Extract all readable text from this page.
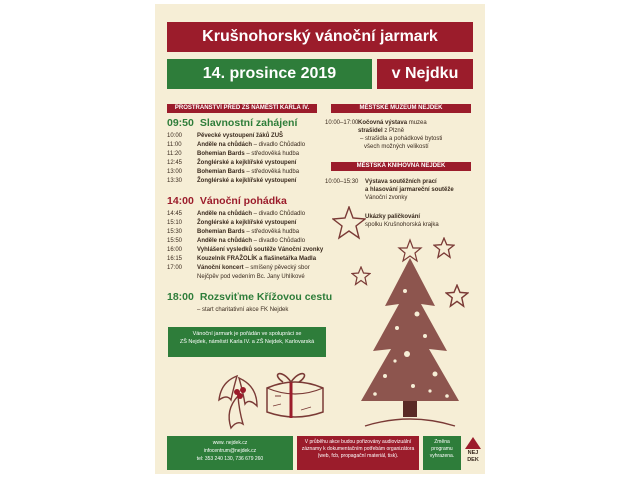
Krušnohorský vánoční jarmark
14. prosince 2019	v Nejdku
PROSTRANSTVÍ PŘED ZŠ NÁMĚSTÍ KARLA IV.
09:50 Slavnostní zahájení
10:00 Pěvecké vystoupení žáků ZUŠ
11:00	Anděle na chůdách – divadlo Chůdadlo
11:20	Bohemian Bards – středověká hudba
12:45 Žonglérské a kejklířské vystoupení
13:00 Bohemian Bards – středověká hudba
13:30 Žonglérské a kejklířské vystoupení
14:00 Vánoční pohádka
14:45 Anděle na chůdách – divadlo Chůdadlo
15:10 Žonglérské a kejklířské vystoupení
15:30 Bohemian Bards – středověká hudba
15:50 Anděle na chůdách – divadlo Chůdadlo
16:00 Vyhlášení vysledků soutěže Vánoční zvonky
16:15 Kouzelník FRAŽOLÍK a flašinetářka Madla
17:00 Vánoční koncert – smíšený pěvecký sbor
Nejčpěv pod vedením Bc. Jany Uhlíkové
18:00 Rozsviťme Křížovou cestu
– start charitativní akce FK Nejdek
Vánoční jarmark je pořádán ve spolupráci se
ZŠ Nejdek, náměstí Karla IV. a ZŠ Nejdek, Karlovarská
MĚSTSKÉ MUZEUM NEJDEK
10:00–17:00 Kočovná výstava muzea
strašidel z Plzně
– strašidla a pohádkové bytosti
všech možných velikostí
MĚSTSKÁ KNIHOVNA NEJDEK
10:00–15:30 Výstava soutěžních prací
a hlasování jarmareční soutěže
Vánoční zvonky
Ukázky paličkování
spolku Krušnohorská krajka
www. nejdek.cz
infocentrum@nejdek.cz
tel: 353 240 130, 736 679 260
V průběhu akce budou pořizovány audiovizuální
záznamy k dokumentačním potřebám organizátora
(web, fcb, propagační materiál, tisk).
Změna
programu
vyhrazena.	NEJ DEK
